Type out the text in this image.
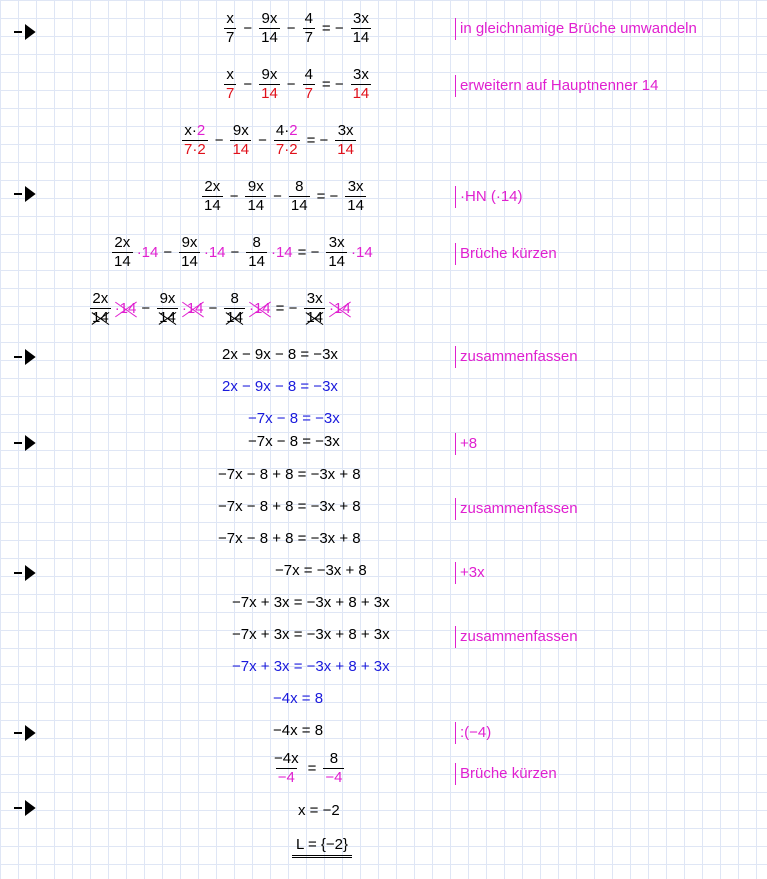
$\frac{x}{7} - \frac{9x}{14} - \frac{4}{7}$ = − $\frac{3x}{14}$	in gleichnamige Brüche umwandeln
$\frac{x}{7} - \frac{9x}{14} - \frac{4}{7}$ = − $\frac{3x}{14}$	erweitern auf Hauptnenner 14
$\frac{x\cdot 2}{7\cdot 2} - \frac{9x}{14} - \frac{4\cdot 2}{7\cdot 2}$ = − $\frac{3x}{14}$
$\frac{2x}{14} - \frac{9x}{14} - \frac{8}{14}$ = − $\frac{3x}{14}$	·HN (·14)
$\frac{2x}{14} \cdot 14 - \frac{9x}{14} \cdot 14 - \frac{8}{14} \cdot 14$ = − $\frac{3x}{14} \cdot 14$	Brüche kürzen
$\frac{2x}{14} \cdot 14 - \frac{9x}{14} \cdot 14 - \frac{8}{14} \cdot 14$ = − $\frac{3x}{14} \cdot 14$
2x − 9x − 8 = −3x	zusammenfassen
2x − 9x − 8 = −3x
−7x − 8 = −3x
−7x − 8 = −3x	+8
−7x − 8 + 8 = −3x + 8
−7x − 8 + 8 = −3x + 8	zusammenfassen
−7x − 8 + 8 = −3x + 8
−7x = −3x + 8	+3x
−7x + 3x = −3x + 8 + 3x
−7x + 3x = −3x + 8 + 3x	zusammenfassen
−7x + 3x = −3x + 8 + 3x
−4x = 8
−4x = 8	:(−4)
$\frac{-4x}{-4} = \frac{8}{-4}$	Brüche kürzen
x = −2
L = {−2}
